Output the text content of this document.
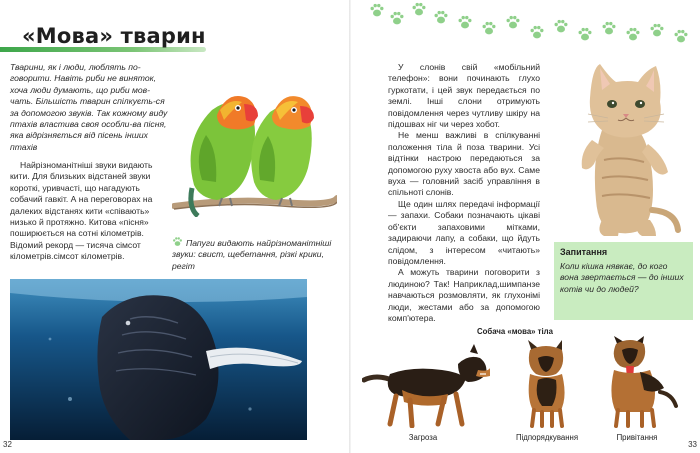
«Мова» тварин
Тварини, як і люди, люблять по-говорити. Навіть риби не виняток, хоча люди думають, що риби мов-чать. Більшість тварин спілкуєть-ся за допомогою звуків. Так кожному виду птахів властива своя особли-ва пісня, яка відрізняється від пісень інших птахів

Найрізноманітніші звуки видають кити. Для близьких відстаней звуки короткі, уривчасті, що нагадують собачий гавкіт. А на переговорах на далеких відстанях кити «співають» низько й протяжно. Китова «пісня» поширюється на сотні кілометрів. Відомий рекорд — тисяча сімсот кілометрів.сімсот кілометрів.

Папуги видають найрізноманітніші звуки: свист, щебетання, різкі крики, регіт
32

У слонів свій «мобільний телефон»: вони починають глухо гуркотати, і цей звук передається по землі. Інші слони отримують повідомлення через чутливу шкіру на підошвах ніг чи через хобот.

Не менш важливі в спілкуванні положення тіла й поза тварини. Усі відтінки настрою передаються за допомогою руху хвоста або вух. Саме вуха — головний засіб управління в спільноті слонів.

Ще один шлях передачі інформації — запахи. Собаки позначають цікаві об'єкти запаховими мітками, задираючи лапу, а собаки, що йдуть слідом, з інтересом «читають» повідомлення.

А можуть тварини поговорити з людиною? Так! Наприклад,шимпанзе навчаються розмовляти, як глухонімі люди, жестами або за допомогою комп'ютера.

Запитання
Коли кішка нявкає, до кого вона звертається — до інших котів чи до людей?
Собача «мова» тіла
Загроза	Підпорядкування	Привітання
33
